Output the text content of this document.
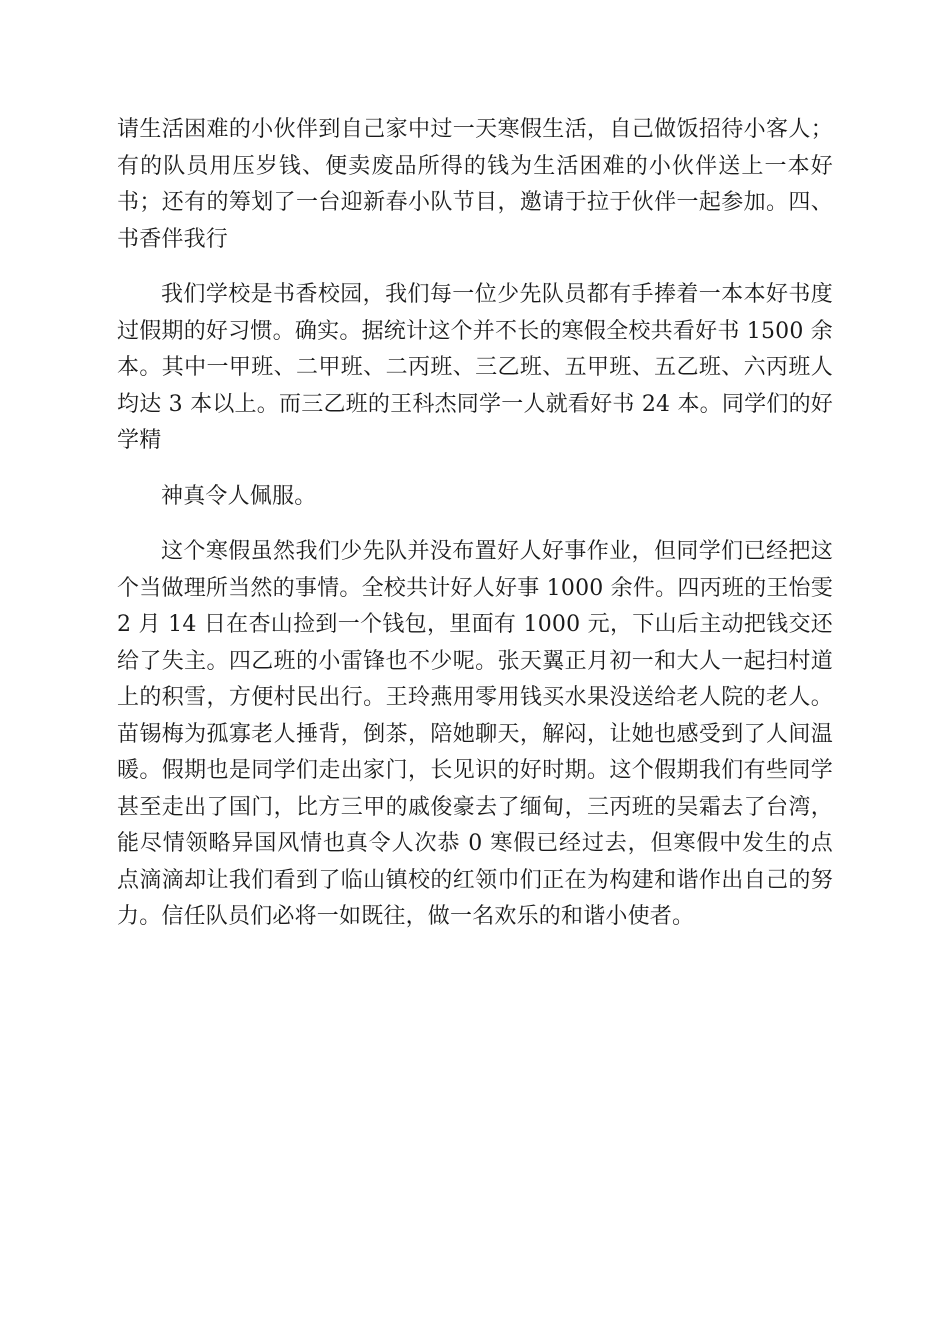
请生活困难的小伙伴到自己家中过一天寒假生活，自己做饭招待小客人；有的队员用压岁钱、便卖废品所得的钱为生活困难的小伙伴送上一本好书；还有的筹划了一台迎新春小队节目，邀请于拉于伙伴一起参加。四、书香伴我行

我们学校是书香校园，我们每一位少先队员都有手捧着一本本好书度过假期的好习惯。确实。据统计这个并不长的寒假全校共看好书 1500 余本。其中一甲班、二甲班、二丙班、三乙班、五甲班、五乙班、六丙班人均达 3 本以上。而三乙班的王科杰同学一人就看好书 24 本。同学们的好学精

神真令人佩服。

这个寒假虽然我们少先队并没布置好人好事作业，但同学们已经把这个当做理所当然的事情。全校共计好人好事 1000 余件。四丙班的王怡雯 2 月 14 日在杏山捡到一个钱包，里面有 1000 元，下山后主动把钱交还给了失主。四乙班的小雷锋也不少呢。张天翼正月初一和大人一起扫村道上的积雪，方便村民出行。王玲燕用零用钱买水果没送给老人院的老人。苗锡梅为孤寡老人捶背，倒茶，陪她聊天，解闷，让她也感受到了人间温暖。假期也是同学们走出家门，长见识的好时期。这个假期我们有些同学甚至走出了国门，比方三甲的戚俊豪去了缅甸，三丙班的吴霜去了台湾，能尽情领略异国风情也真令人次恭 0 寒假已经过去，但寒假中发生的点点滴滴却让我们看到了临山镇校的红领巾们正在为构建和谐作出自己的努力。信任队员们必将一如既往，做一名欢乐的和谐小使者。
